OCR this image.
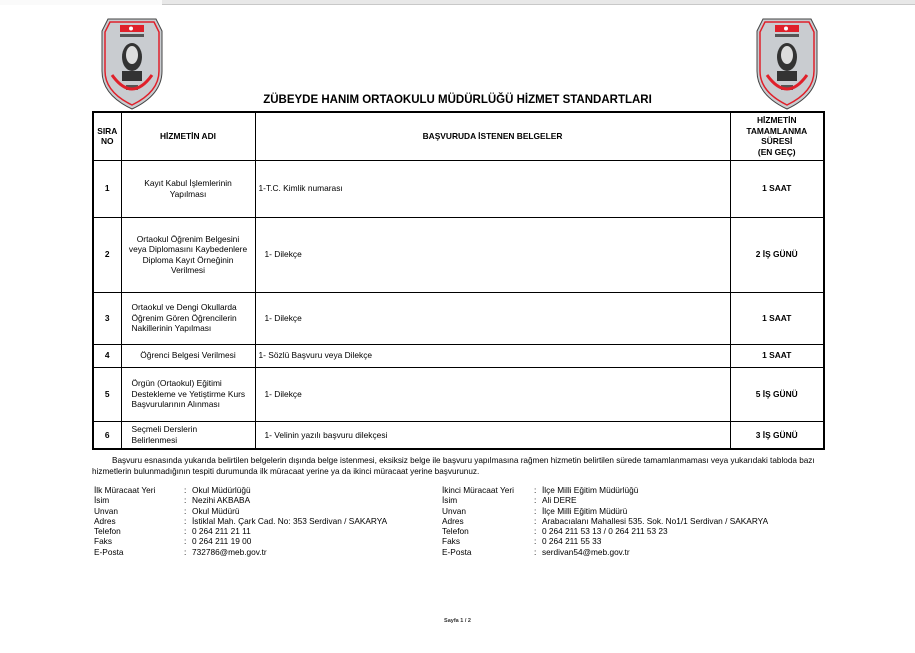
ZÜBEYDE HANIM ORTAOKULU MÜDÜRLÜĞÜ HİZMET STANDARTLARI
SIRA NO	HİZMETİN ADI	BAŞVURUDA İSTENEN BELGELER	HİZMETİN
TAMAMLANMA
SÜRESİ
(EN GEÇ)

1	Kayıt Kabul İşlemlerinin Yapılması	1-T.C. Kimlik numarası	1 SAAT
2	Ortaokul Öğrenim Belgesini veya Diplomasını Kaybedenlere Diploma Kayıt Örneğinin Verilmesi	1- Dilekçe	2 İŞ GÜNÜ
3	Ortaokul ve Dengi Okullarda Öğrenim Gören Öğrencilerin Nakillerinin Yapılması	1- Dilekçe	1 SAAT
4	Öğrenci Belgesi Verilmesi	1- Sözlü Başvuru veya Dilekçe	1 SAAT
5	Örgün (Ortaokul) Eğitimi Destekleme ve Yetiştirme Kurs Başvurularının Alınması	1- Dilekçe	5 İŞ GÜNÜ
6	Seçmeli Derslerin Belirlenmesi	1- Velinin yazılı başvuru dilekçesi	3 İŞ GÜNÜ
Başvuru esnasında yukarıda belirtilen belgelerin dışında belge istenmesi, eksiksiz belge ile başvuru yapılmasına rağmen hizmetin belirtilen sürede tamamlanmaması veya yukarıdaki tabloda bazı hizmetlerin bulunmadığının tespiti durumunda ilk müracaat yerine ya da ikinci müracaat yerine başvurunuz.
İlk Müracaat Yeri	: Okul Müdürlüğü
İsim	: Nezihi AKBABA
Unvan	: Okul Müdürü
Adres	: İstiklal Mah. Çark Cad. No: 353 Serdivan / SAKARYA
Telefon	: 0 264 211 21 11
Faks	: 0 264 211 19 00
E-Posta	: 732786@meb.gov.tr
İkinci Müracaat Yeri	: İlçe Milli Eğitim Müdürlüğü
İsim	: Ali DERE
Unvan	: İlçe Milli Eğitim Müdürü
Adres	: Arabacıalanı Mahallesi 535. Sok. No1/1 Serdivan / SAKARYA
Telefon	: 0 264 211 53 13 / 0 264 211 53 23
Faks	: 0 264 211 55 33
E-Posta	: serdivan54@meb.gov.tr
Sayfa 1 / 2
